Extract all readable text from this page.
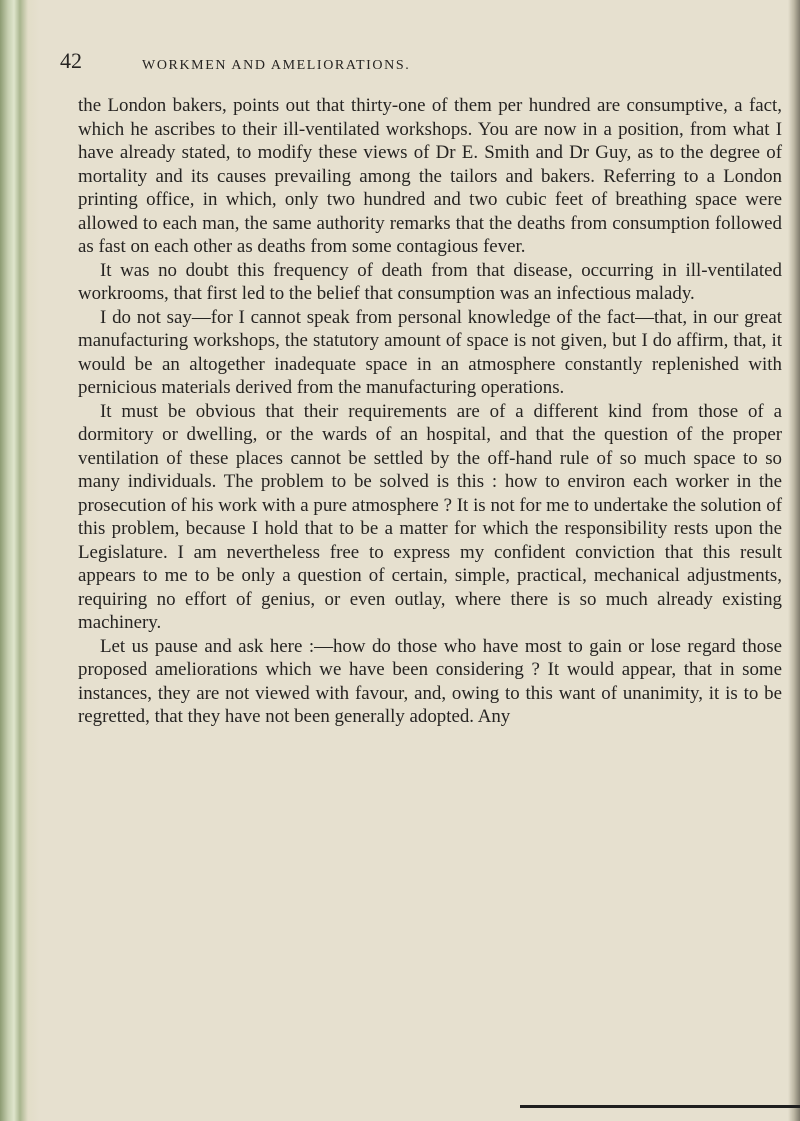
42	WORKMEN AND AMELIORATIONS.

the London bakers, points out that thirty-one of them per hundred are consumptive, a fact, which he ascribes to their ill-ventilated workshops. You are now in a position, from what I have already stated, to modify these views of Dr E. Smith and Dr Guy, as to the degree of mortality and its causes prevailing among the tailors and bakers. Referring to a London printing office, in which, only two hundred and two cubic feet of breathing space were allowed to each man, the same authority remarks that the deaths from consumption followed as fast on each other as deaths from some contagious fever.

It was no doubt this frequency of death from that disease, occurring in ill-ventilated workrooms, that first led to the belief that consumption was an infectious malady.

I do not say—for I cannot speak from personal knowledge of the fact—that, in our great manufacturing workshops, the statutory amount of space is not given, but I do affirm, that, it would be an altogether inadequate space in an atmosphere constantly replenished with pernicious materials derived from the manufacturing operations.

It must be obvious that their requirements are of a different kind from those of a dormitory or dwelling, or the wards of an hospital, and that the question of the proper ventilation of these places cannot be settled by the off-hand rule of so much space to so many individuals. The problem to be solved is this : how to environ each worker in the prosecution of his work with a pure atmosphere ? It is not for me to undertake the solution of this problem, because I hold that to be a matter for which the responsibility rests upon the Legislature. I am nevertheless free to express my confident conviction that this result appears to me to be only a question of certain, simple, practical, mechanical adjustments, requiring no effort of genius, or even outlay, where there is so much already existing machinery.

Let us pause and ask here :—how do those who have most to gain or lose regard those proposed ameliorations which we have been considering ? It would appear, that in some instances, they are not viewed with favour, and, owing to this want of unanimity, it is to be regretted, that they have not been generally adopted. Any
